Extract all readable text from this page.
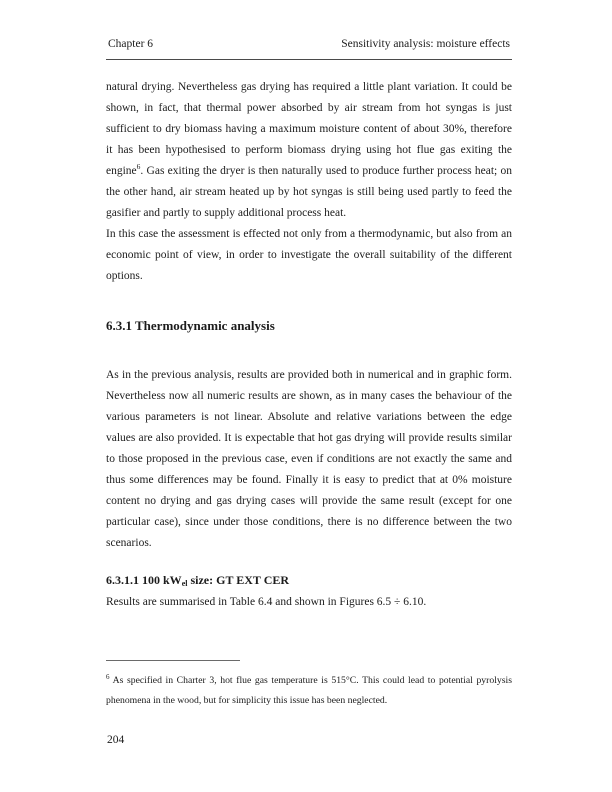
Chapter 6	Sensitivity analysis: moisture effects

natural drying. Nevertheless gas drying has required a little plant variation. It could be shown, in fact, that thermal power absorbed by air stream from hot syngas is just sufficient to dry biomass having a maximum moisture content of about 30%, therefore it has been hypothesised to perform biomass drying using hot flue gas exiting the engine$^6$. Gas exiting the dryer is then naturally used to produce further process heat; on the other hand, air stream heated up by hot syngas is still being used partly to feed the gasifier and partly to supply additional process heat.

In this case the assessment is effected not only from a thermodynamic, but also from an economic point of view, in order to investigate the overall suitability of the different options.

6.3.1 Thermodynamic analysis

As in the previous analysis, results are provided both in numerical and in graphic form. Nevertheless now all numeric results are shown, as in many cases the behaviour of the various parameters is not linear. Absolute and relative variations between the edge values are also provided. It is expectable that hot gas drying will provide results similar to those proposed in the previous case, even if conditions are not exactly the same and thus some differences may be found. Finally it is easy to predict that at 0% moisture content no drying and gas drying cases will provide the same result (except for one particular case), since under those conditions, there is no difference between the two scenarios.

6.3.1.1 100 $kW_{el}$ size: GT EXT CER

Results are summarised in Table 6.4 and shown in Figures 6.5 ÷ 6.10.

$^6$ As specified in Charter 3, hot flue gas temperature is 515°C. This could lead to potential pyrolysis phenomena in the wood, but for simplicity this issue has been neglected.
204
